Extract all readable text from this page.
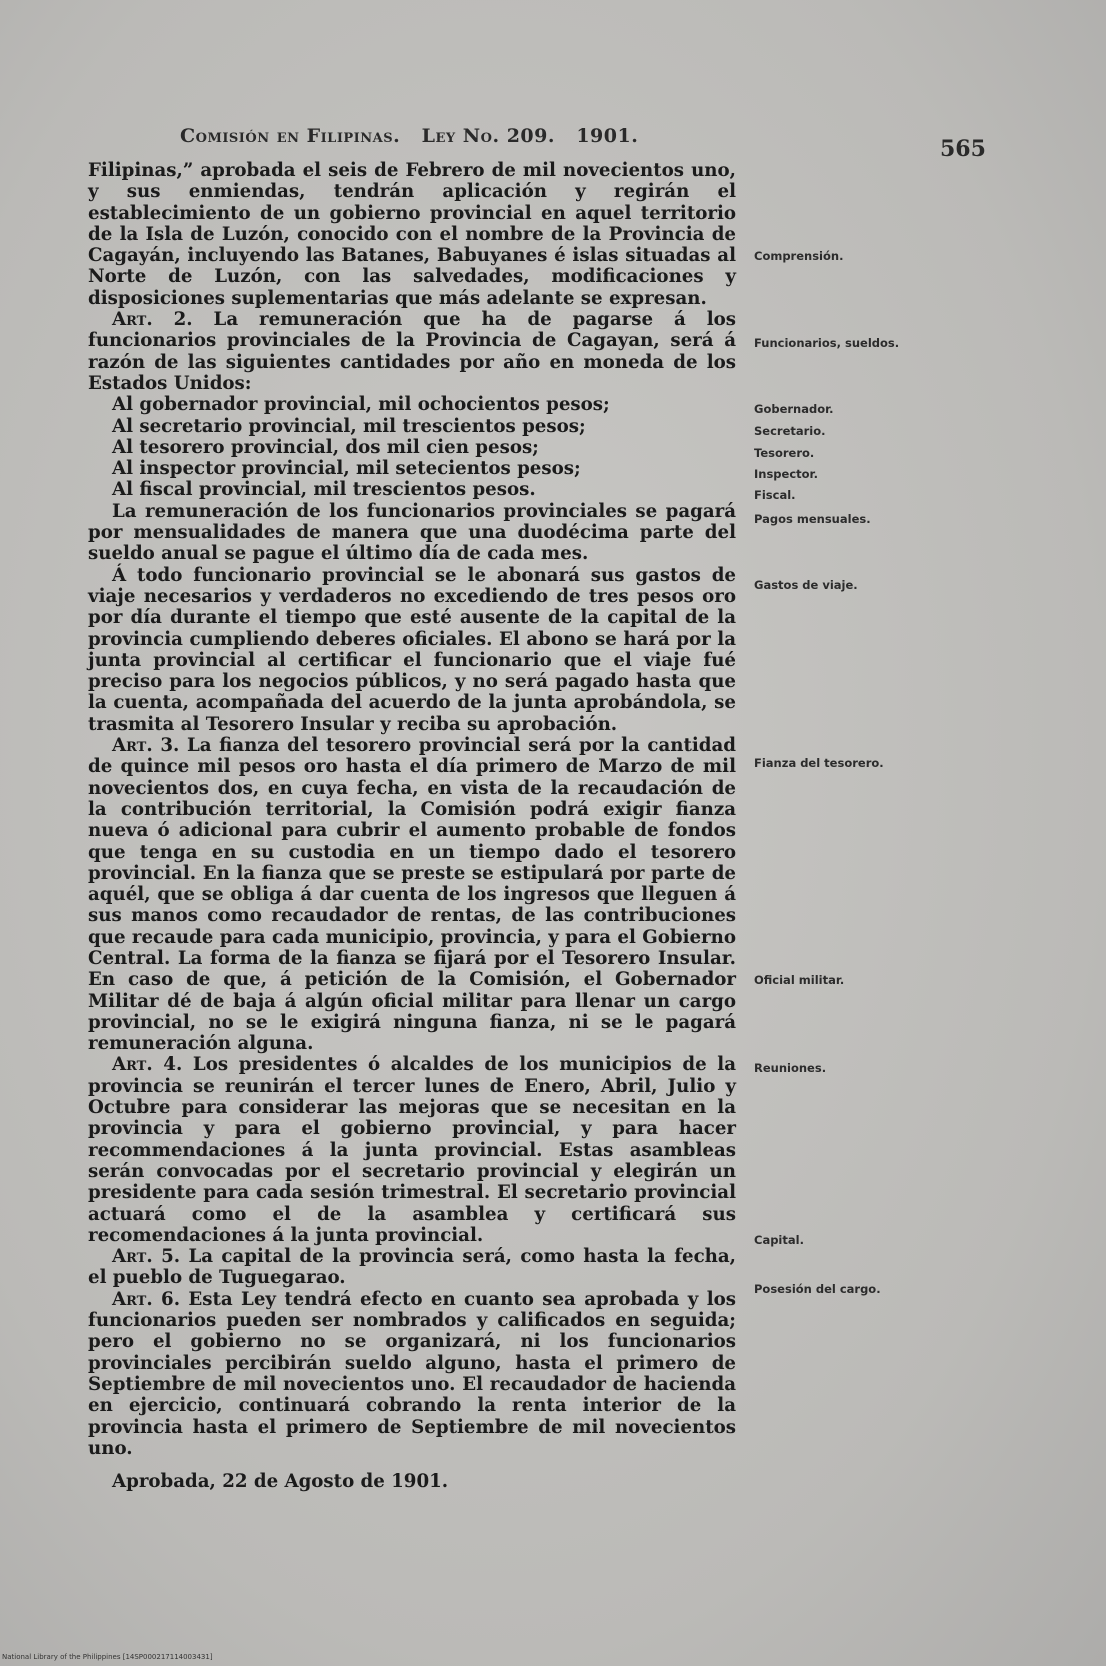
Comisión en Filipinas. Ley No. 209. 1901.	565

Filipinas,” aprobada el seis de Febrero de mil novecientos uno, y sus enmiendas, tendrán aplicación y regirán el establecimiento de un gobierno provincial en aquel territorio de la Isla de Luzón, conocido con el nombre de la Provincia de Cagayán, incluyendo las Batanes, Babuyanes é islas situadas al Norte de Luzón, con las salvedades, modificaciones y disposiciones suplementarias que más adelante se expresan.

Art. 2. La remuneración que ha de pagarse á los funcionarios provinciales de la Provincia de Cagayan, será á razón de las siguientes cantidades por año en moneda de los Estados Unidos:

Al gobernador provincial, mil ochocientos pesos;
Al secretario provincial, mil trescientos pesos;
Al tesorero provincial, dos mil cien pesos;
Al inspector provincial, mil setecientos pesos;
Al fiscal provincial, mil trescientos pesos.

La remuneración de los funcionarios provinciales se pagará por mensualidades de manera que una duodécima parte del sueldo anual se pague el último día de cada mes.

Á todo funcionario provincial se le abonará sus gastos de viaje necesarios y verdaderos no excediendo de tres pesos oro por día durante el tiempo que esté ausente de la capital de la provincia cumpliendo deberes oficiales. El abono se hará por la junta provincial al certificar el funcionario que el viaje fué preciso para los negocios públicos, y no será pagado hasta que la cuenta, acompañada del acuerdo de la junta aprobándola, se trasmita al Tesorero Insular y reciba su aprobación.

Art. 3. La fianza del tesorero provincial será por la cantidad de quince mil pesos oro hasta el día primero de Marzo de mil novecientos dos, en cuya fecha, en vista de la recaudación de la contribución territorial, la Comisión podrá exigir fianza nueva ó adicional para cubrir el aumento probable de fondos que tenga en su custodia en un tiempo dado el tesorero provincial. En la fianza que se preste se estipulará por parte de aquél, que se obliga á dar cuenta de los ingresos que lleguen á sus manos como recaudador de rentas, de las contribuciones que recaude para cada municipio, provincia, y para el Gobierno Central. La forma de la fianza se fijará por el Tesorero Insular. En caso de que, á petición de la Comisión, el Gobernador Militar dé de baja á algún oficial militar para llenar un cargo provincial, no se le exigirá ninguna fianza, ni se le pagará remuneración alguna.

Art. 4. Los presidentes ó alcaldes de los municipios de la provincia se reunirán el tercer lunes de Enero, Abril, Julio y Octubre para considerar las mejoras que se necesitan en la provincia y para el gobierno provincial, y para hacer recommendaciones á la junta provincial. Estas asambleas serán convocadas por el secretario provincial y elegirán un presidente para cada sesión trimestral. El secretario provincial actuará como el de la asamblea y certificará sus recomendaciones á la junta provincial.

Art. 5. La capital de la provincia será, como hasta la fecha, el pueblo de Tuguegarao.

Art. 6. Esta Ley tendrá efecto en cuanto sea aprobada y los funcionarios pueden ser nombrados y calificados en seguida; pero el gobierno no se organizará, ni los funcionarios provinciales percibirán sueldo alguno, hasta el primero de Septiembre de mil novecientos uno. El recaudador de hacienda en ejercicio, continuará cobrando la renta interior de la provincia hasta el primero de Septiembre de mil novecientos uno.

Aprobada, 22 de Agosto de 1901.

Comprensión.
Funcionarios, sueldos.
Gobernador.
Secretario.
Tesorero.
Inspector.
Fiscal.
Pagos mensuales.
Gastos de viaje.
Fianza del tesorero.
Oficial militar.
Reuniones.
Capital.
Posesión del cargo.
National Library of the Philippines [14SP000217114003431]
